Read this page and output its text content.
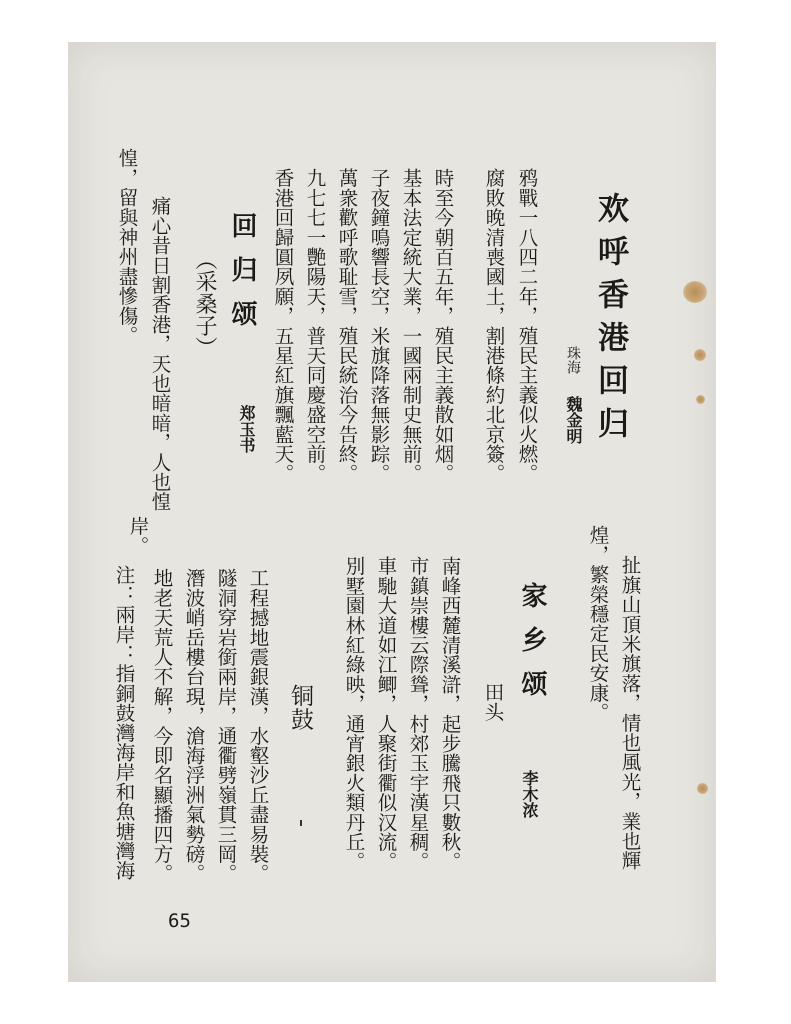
欢呼香港回归
珠海
魏金明
鸦戰一八四二年，殖民主義似火燃。
腐敗晚清喪國土，割港條約北京簽。
時至今朝百五年，殖民主義散如烟。
基本法定統大業，一國兩制史無前。
子夜鐘鳴響長空，米旗降落無影踪。
萬衆歡呼歌耻雪，殖民統治今告終。
九七七一艷陽天，普天同慶盛空前。
香港回歸圓夙願，五星紅旗飄藍天。
回归颂
（采桑子）
郑玉书
痛心昔日割香港，天也暗暗，人也惶
惶，留與神州盡慘傷。
扯旗山頂米旗落，情也風光，業也輝
煌，繁榮穩定民安康。
家乡颂
李木浓
田头
南峰西麓清溪滸，起步騰飛只數秋。
市鎮崇樓云際聳，村郊玉宇漢星稠。
車馳大道如江鲫，人聚街衢似汉流。
別墅園林紅綠映，通宵銀火類丹丘。
铜鼓
工程撼地震銀漢，水壑沙丘盡易裝。
隧洞穿岩銜兩岸，通衢劈嶺貫三岡。
潛波峭岳樓台現，滄海浮洲氣勢磅。
地老天荒人不解，今即名顯播四方。
注：兩岸：指銅鼓灣海岸和魚塘灣海
岸。
65
